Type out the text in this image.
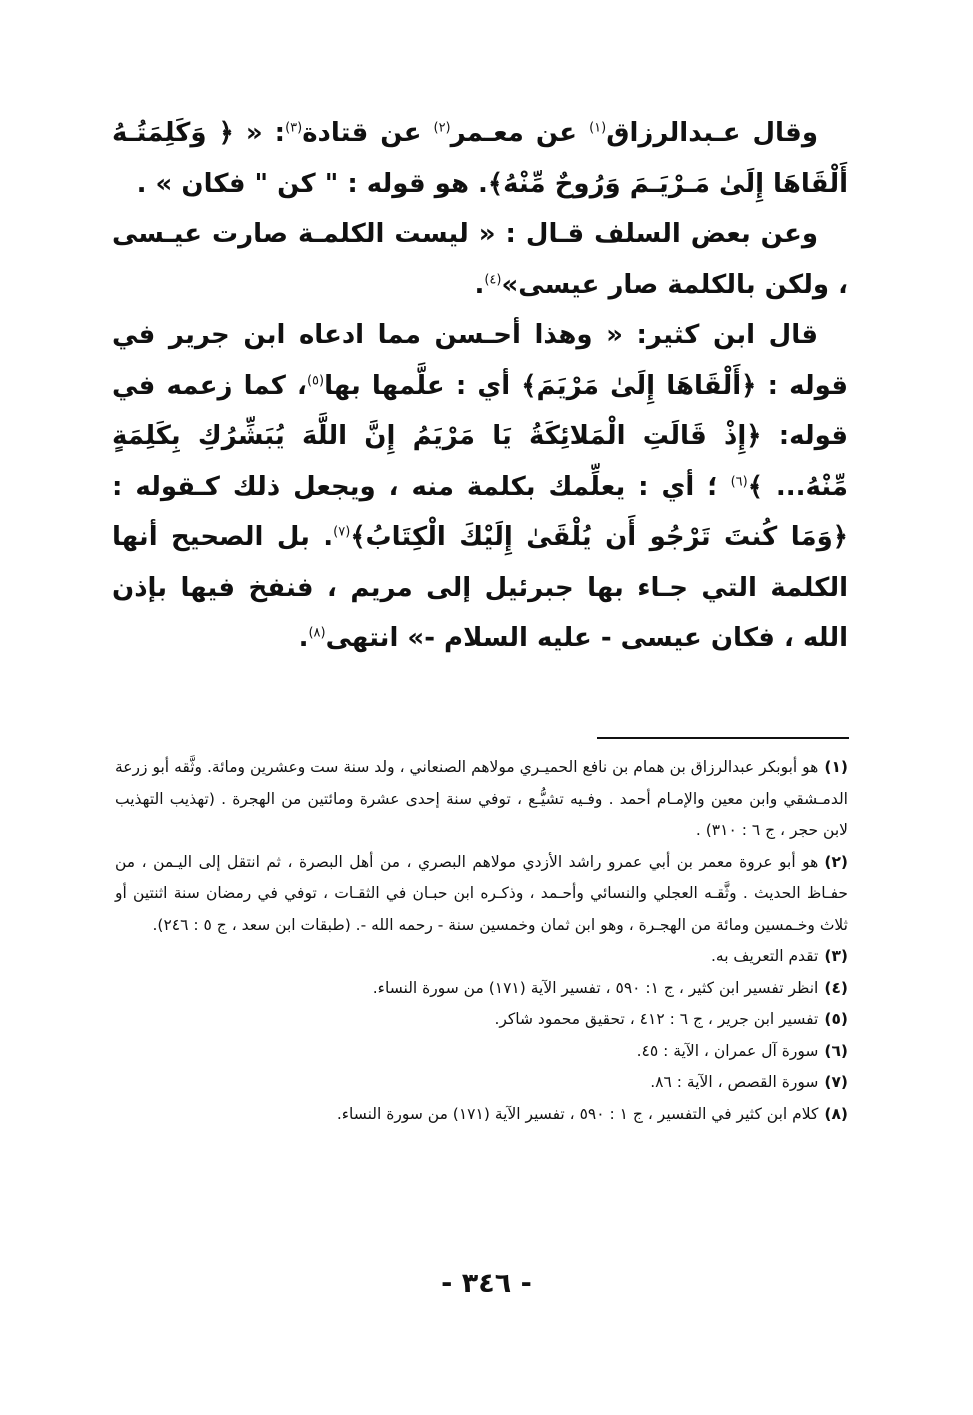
وقال عـبدالرزاق$^{(١)}$ عن معـمر$^{(٢)}$ عن قتادة$^{(٣)}$: « ﴿ وَكَلِمَتُـهُ أَلْقَاهَا إِلَىٰ مَـرْيَـمَ وَرُوحٌ مِّنْهُ﴾. هو قوله : " كن " فكان » .

وعن بعض السلف قـال : « ليست الكلمـة صارت عيـسى ، ولكن بالكلمة صار عيسى»$^{(٤)}$.

قال ابن كثير: « وهذا أحـسن مما ادعاه ابن جرير في قوله : ﴿أَلْقَاهَا إِلَىٰ مَرْيَمَ﴾ أي : علَّمها بها$^{(٥)}$، كما زعمه في قوله: ﴿إِذْ قَالَتِ الْمَلائِكَةُ يَا مَرْيَمُ إِنَّ اللَّهَ يُبَشِّرُكِ بِكَلِمَةٍ مِّنْهُ... ﴾$^{(٦)}$ ؛ أي : يعلِّمك بكلمة منه ، ويجعل ذلك كـقوله : ﴿وَمَا كُنتَ تَرْجُو أَن يُلْقَىٰ إِلَيْكَ الْكِتَابُ﴾$^{(٧)}$. بل الصحيح أنها الكلمة التي جـاء بها جبرئيل إلى مريم ، فنفخ فيها بإذن الله ، فكان عيسى - عليه السلام -» انتهى$^{(٨)}$.

(١)هو أبوبكر عبدالرزاق بن همام بن نافع الحميـري مولاهم الصنعاني ، ولد سنة ست وعشرين ومائة. وثَّقه أبو زرعة الدمـشقي وابن معين والإمـام أحمد . وفـيه تشيُّـع ، توفي سنة إحدى عشرة ومائتين من الهجرة . (تهذيب التهذيب لابن حجر ، ج ٦ : ٣١٠) .
(٢)هو أبو عروة معمر بن أبي عمرو راشد الأزدي مولاهم البصري ، من أهل البصرة ، ثم انتقل إلى اليـمن ، من حفـاظ الحديث . وثَّقـه العجلي والنسائي وأحـمد ، وذكـره ابن حبـان في الثقـات ، توفي في رمضان سنة اثنتين أو ثلاث وخـمسين ومائة من الهجـرة ، وهو ابن ثمان وخمسين سنة - رحمه الله -. (طبقات ابن سعد ، ج ٥ : ٢٤٦).
(٣)تقدم التعريف به.
(٤)انظر تفسير ابن كثير ، ج ١: ٥٩٠ ، تفسير الآية (١٧١) من سورة النساء.
(٥)تفسير ابن جرير ، ج ٦ : ٤١٢ ، تحقيق محمود شاكر.
(٦)سورة آل عمران ، الآية : ٤٥.
(٧)سورة القصص ، الآية : ٨٦.
(٨)كلام ابن كثير في التفسير ، ج ١ : ٥٩٠ ، تفسير الآية (١٧١) من سورة النساء.
- ٣٤٦ -
